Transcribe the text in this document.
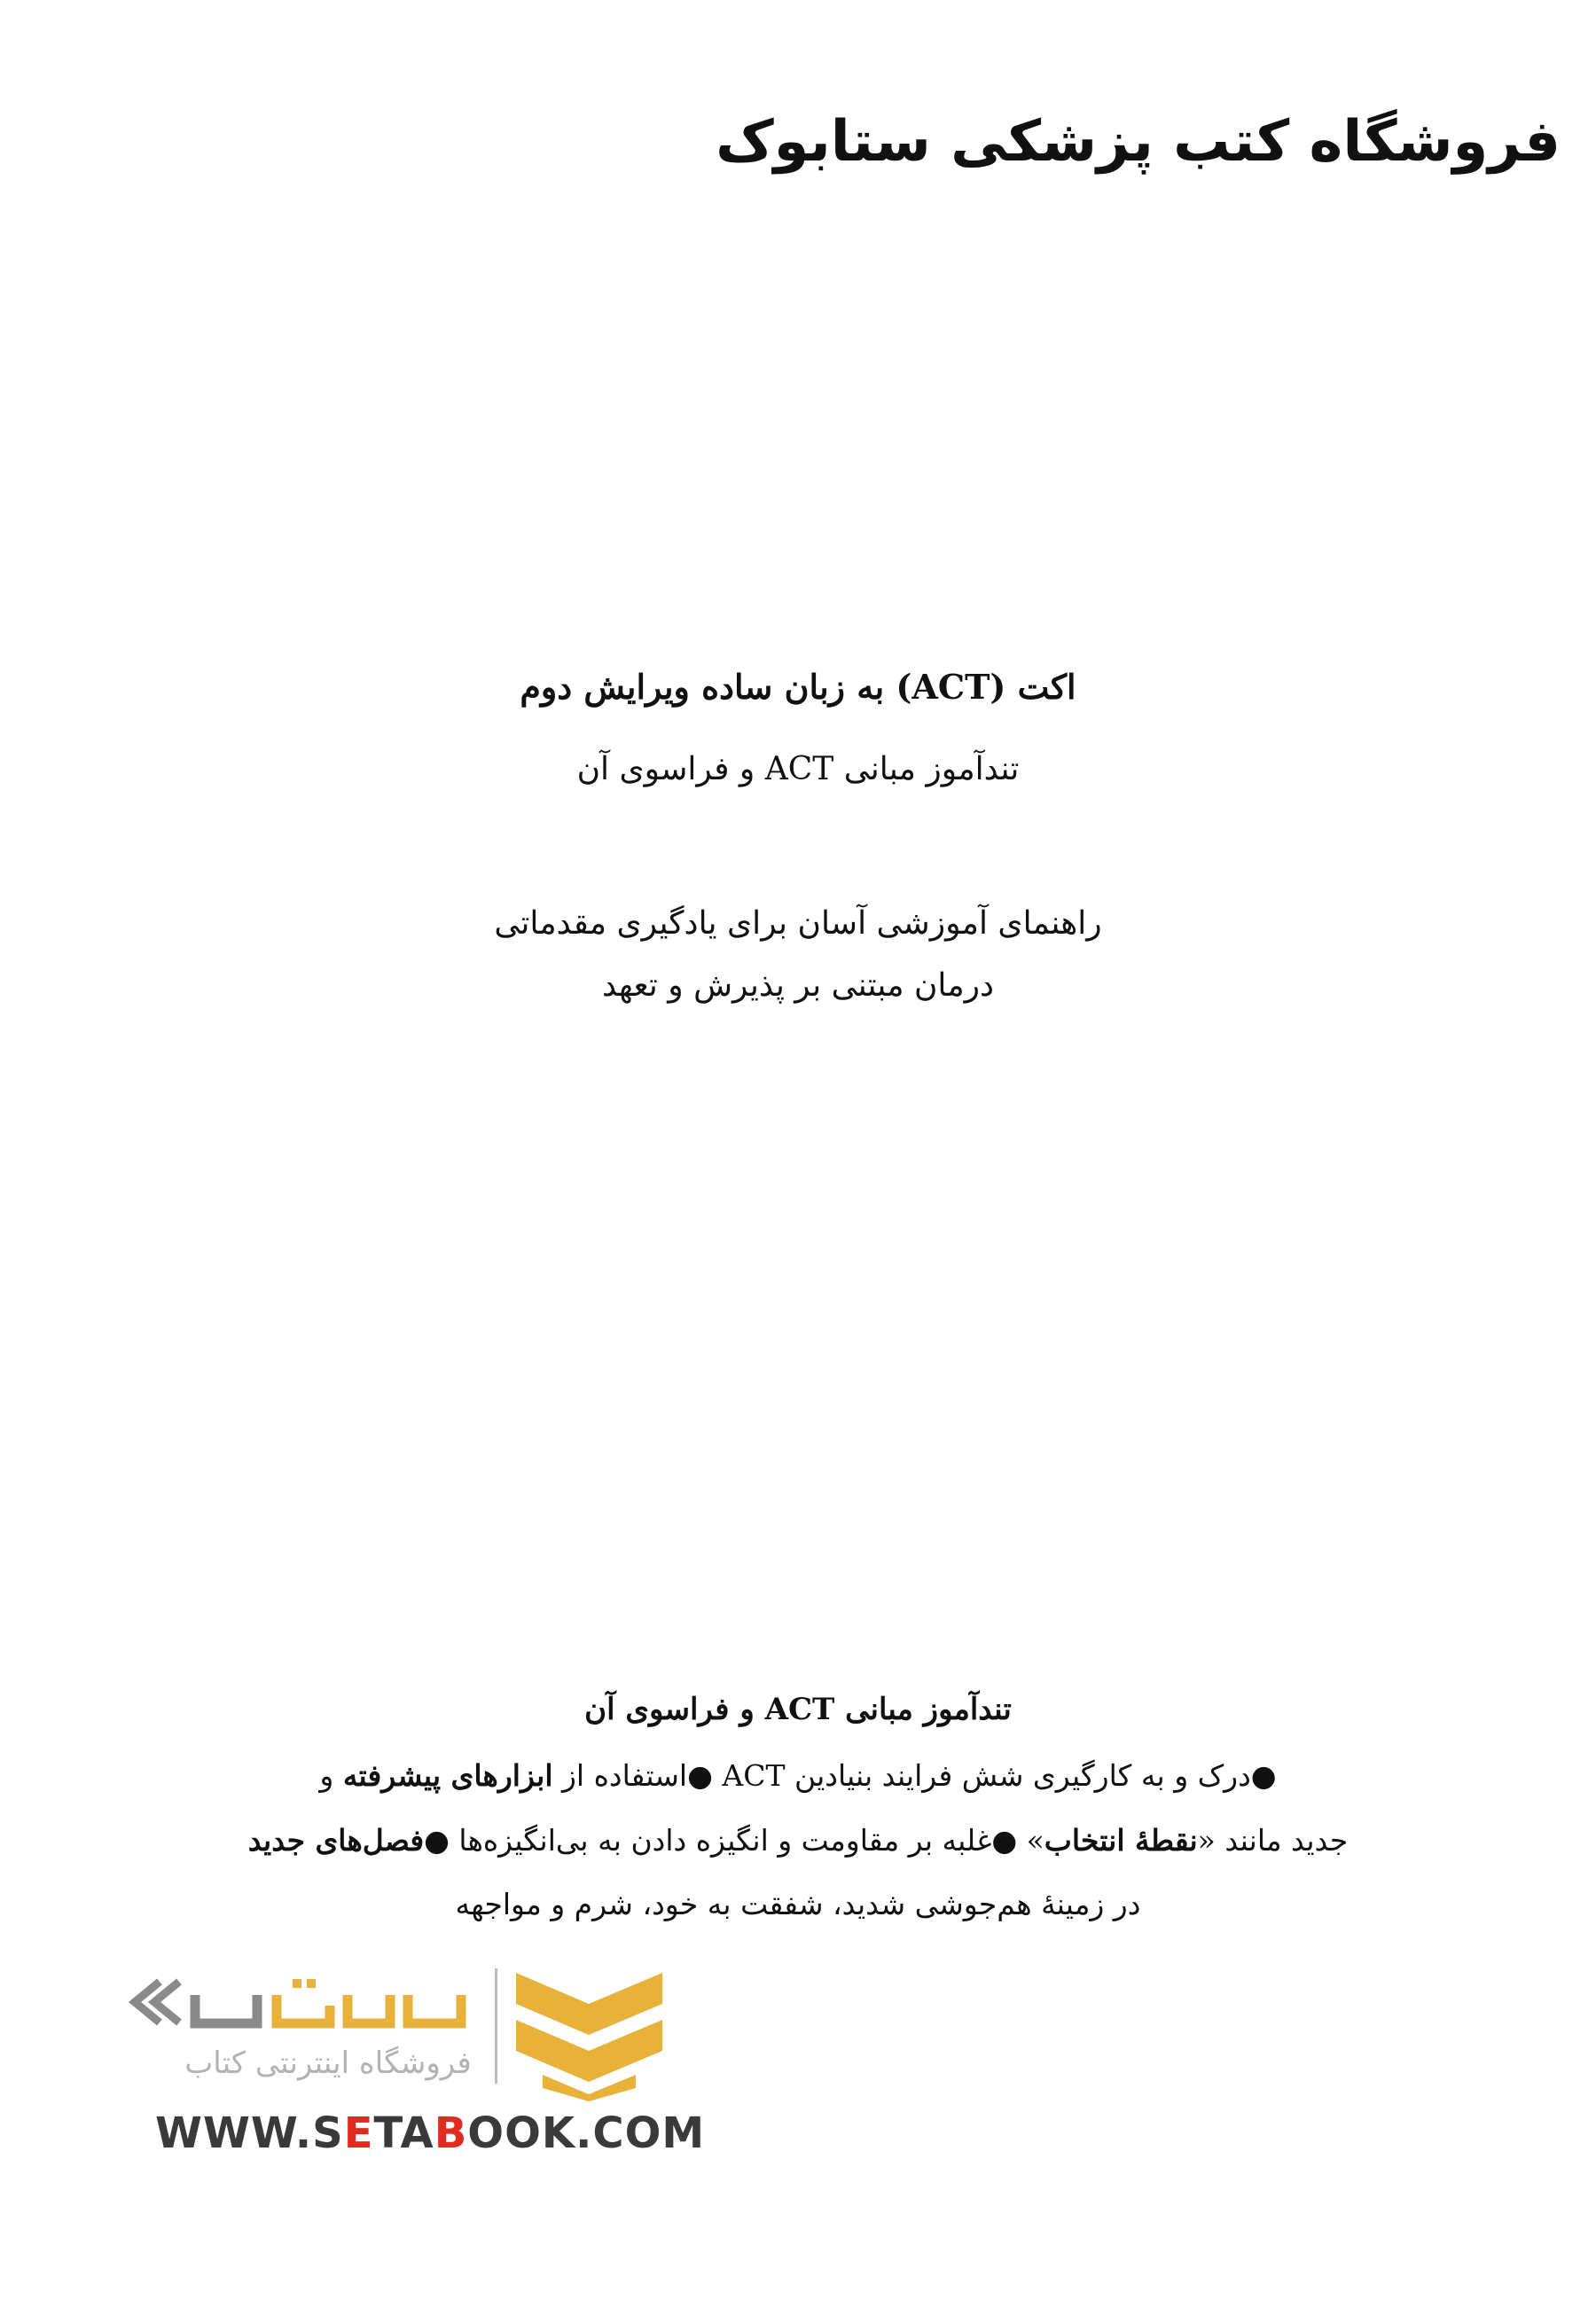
فروشگاه کتب پزشکی ستابوک
اکت (ACT) به زبان ساده ویرایش دوم
تندآموز مبانی ACT و فراسوی آن
راهنمای آموزشی آسان برای یادگیری مقدماتی
درمان مبتنی بر پذیرش و تعهد
تندآموز مبانی ACT و فراسوی آن
●درک و به کارگیری شش فرایند بنیادین ACT ●استفاده از ابزارهای پیشرفته و
جدید مانند «نقطهٔ انتخاب» ●غلبه بر مقاومت و انگیزه دادن به بی‌انگیزه‌ها ●فصل‌های جدید
در زمینهٔ هم‌جوشی شدید، شفقت به خود، شرم و مواجهه
فروشگاه اینترنتی کتاب
WWW.SETABOOK.COM
